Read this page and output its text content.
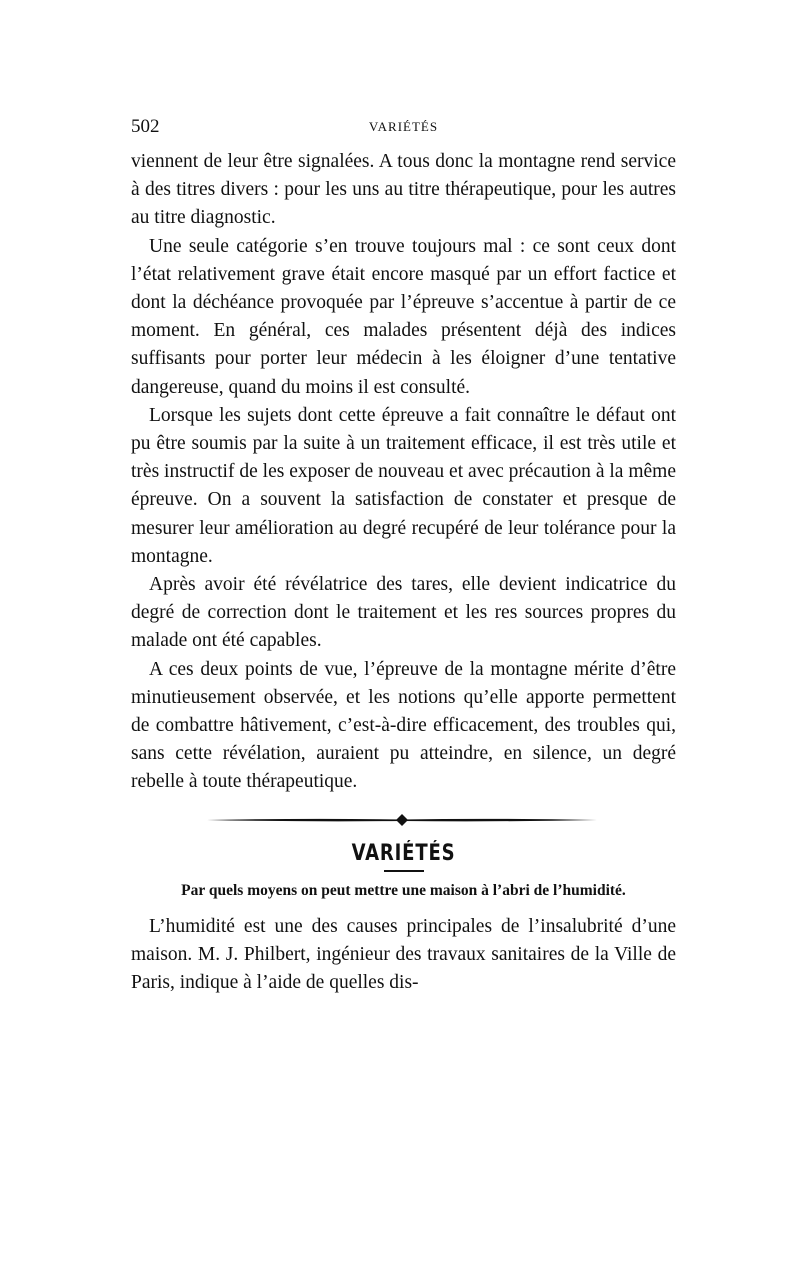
502	VARIÉTÉS

viennent de leur être signalées. A tous donc la montagne rend service à des titres divers : pour les uns au titre thérapeutique, pour les autres au titre diagnostic.

Une seule catégorie s’en trouve toujours mal : ce sont ceux dont l’état relativement grave était encore masqué par un effort factice et dont la déchéance provoquée par l’épreuve s’accentue à partir de ce moment. En général, ces malades présentent déjà des indices suffisants pour porter leur médecin à les éloigner d’une tentative dangereuse, quand du moins il est consulté.

Lorsque les sujets dont cette épreuve a fait connaître le défaut ont pu être soumis par la suite à un traitement efficace, il est très utile et très instructif de les exposer de nouveau et avec précaution à la même épreuve. On a souvent la satisfaction de constater et presque de mesurer leur amélioration au degré recupéré de leur tolérance pour la montagne.

Après avoir été révélatrice des tares, elle devient indicatrice du degré de correction dont le traitement et les res sources propres du malade ont été capables.

A ces deux points de vue, l’épreuve de la montagne mérite d’être minutieusement observée, et les notions qu’elle apporte permettent de combattre hâtivement, c’est-à-dire efficacement, des troubles qui, sans cette révélation, auraient pu atteindre, en silence, un degré rebelle à toute thérapeutique.

VARIÉTÉS
Par quels moyens on peut mettre une maison à l’abri de l’humidité.

L’humidité est une des causes principales de l’insalubrité d’une maison. M. J. Philbert, ingénieur des travaux sanitaires de la Ville de Paris, indique à l’aide de quelles dis-
